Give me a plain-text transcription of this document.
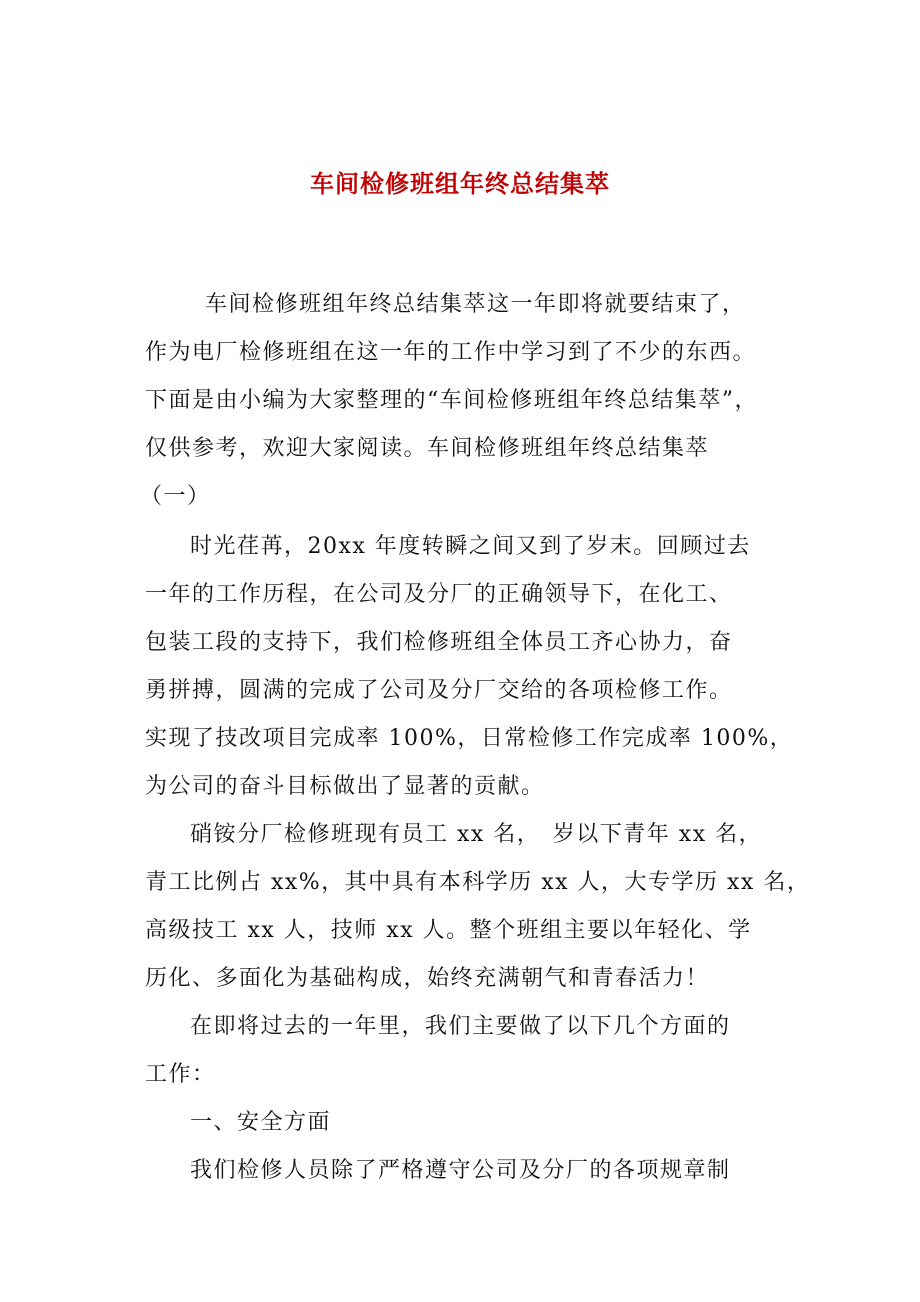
车间检修班组年终总结集萃
车间检修班组年终总结集萃这一年即将就要结束了，
作为电厂检修班组在这一年的工作中学习到了不少的东西。
下面是由小编为大家整理的“车间检修班组年终总结集萃”，
仅供参考，欢迎大家阅读。车间检修班组年终总结集萃
（一）
时光荏苒，20xx 年度转瞬之间又到了岁末。回顾过去
一年的工作历程，在公司及分厂的正确领导下，在化工、
包装工段的支持下，我们检修班组全体员工齐心协力，奋
勇拼搏，圆满的完成了公司及分厂交给的各项检修工作。
实现了技改项目完成率 100%，日常检修工作完成率 100%，
为公司的奋斗目标做出了显著的贡献。
硝铵分厂检修班现有员工 xx 名，　岁以下青年 xx 名，
青工比例占 xx%，其中具有本科学历 xx 人，大专学历 xx 名，
高级技工 xx 人，技师 xx 人。整个班组主要以年轻化、学
历化、多面化为基础构成，始终充满朝气和青春活力！
在即将过去的一年里，我们主要做了以下几个方面的
工作：
一、安全方面
我们检修人员除了严格遵守公司及分厂的各项规章制
